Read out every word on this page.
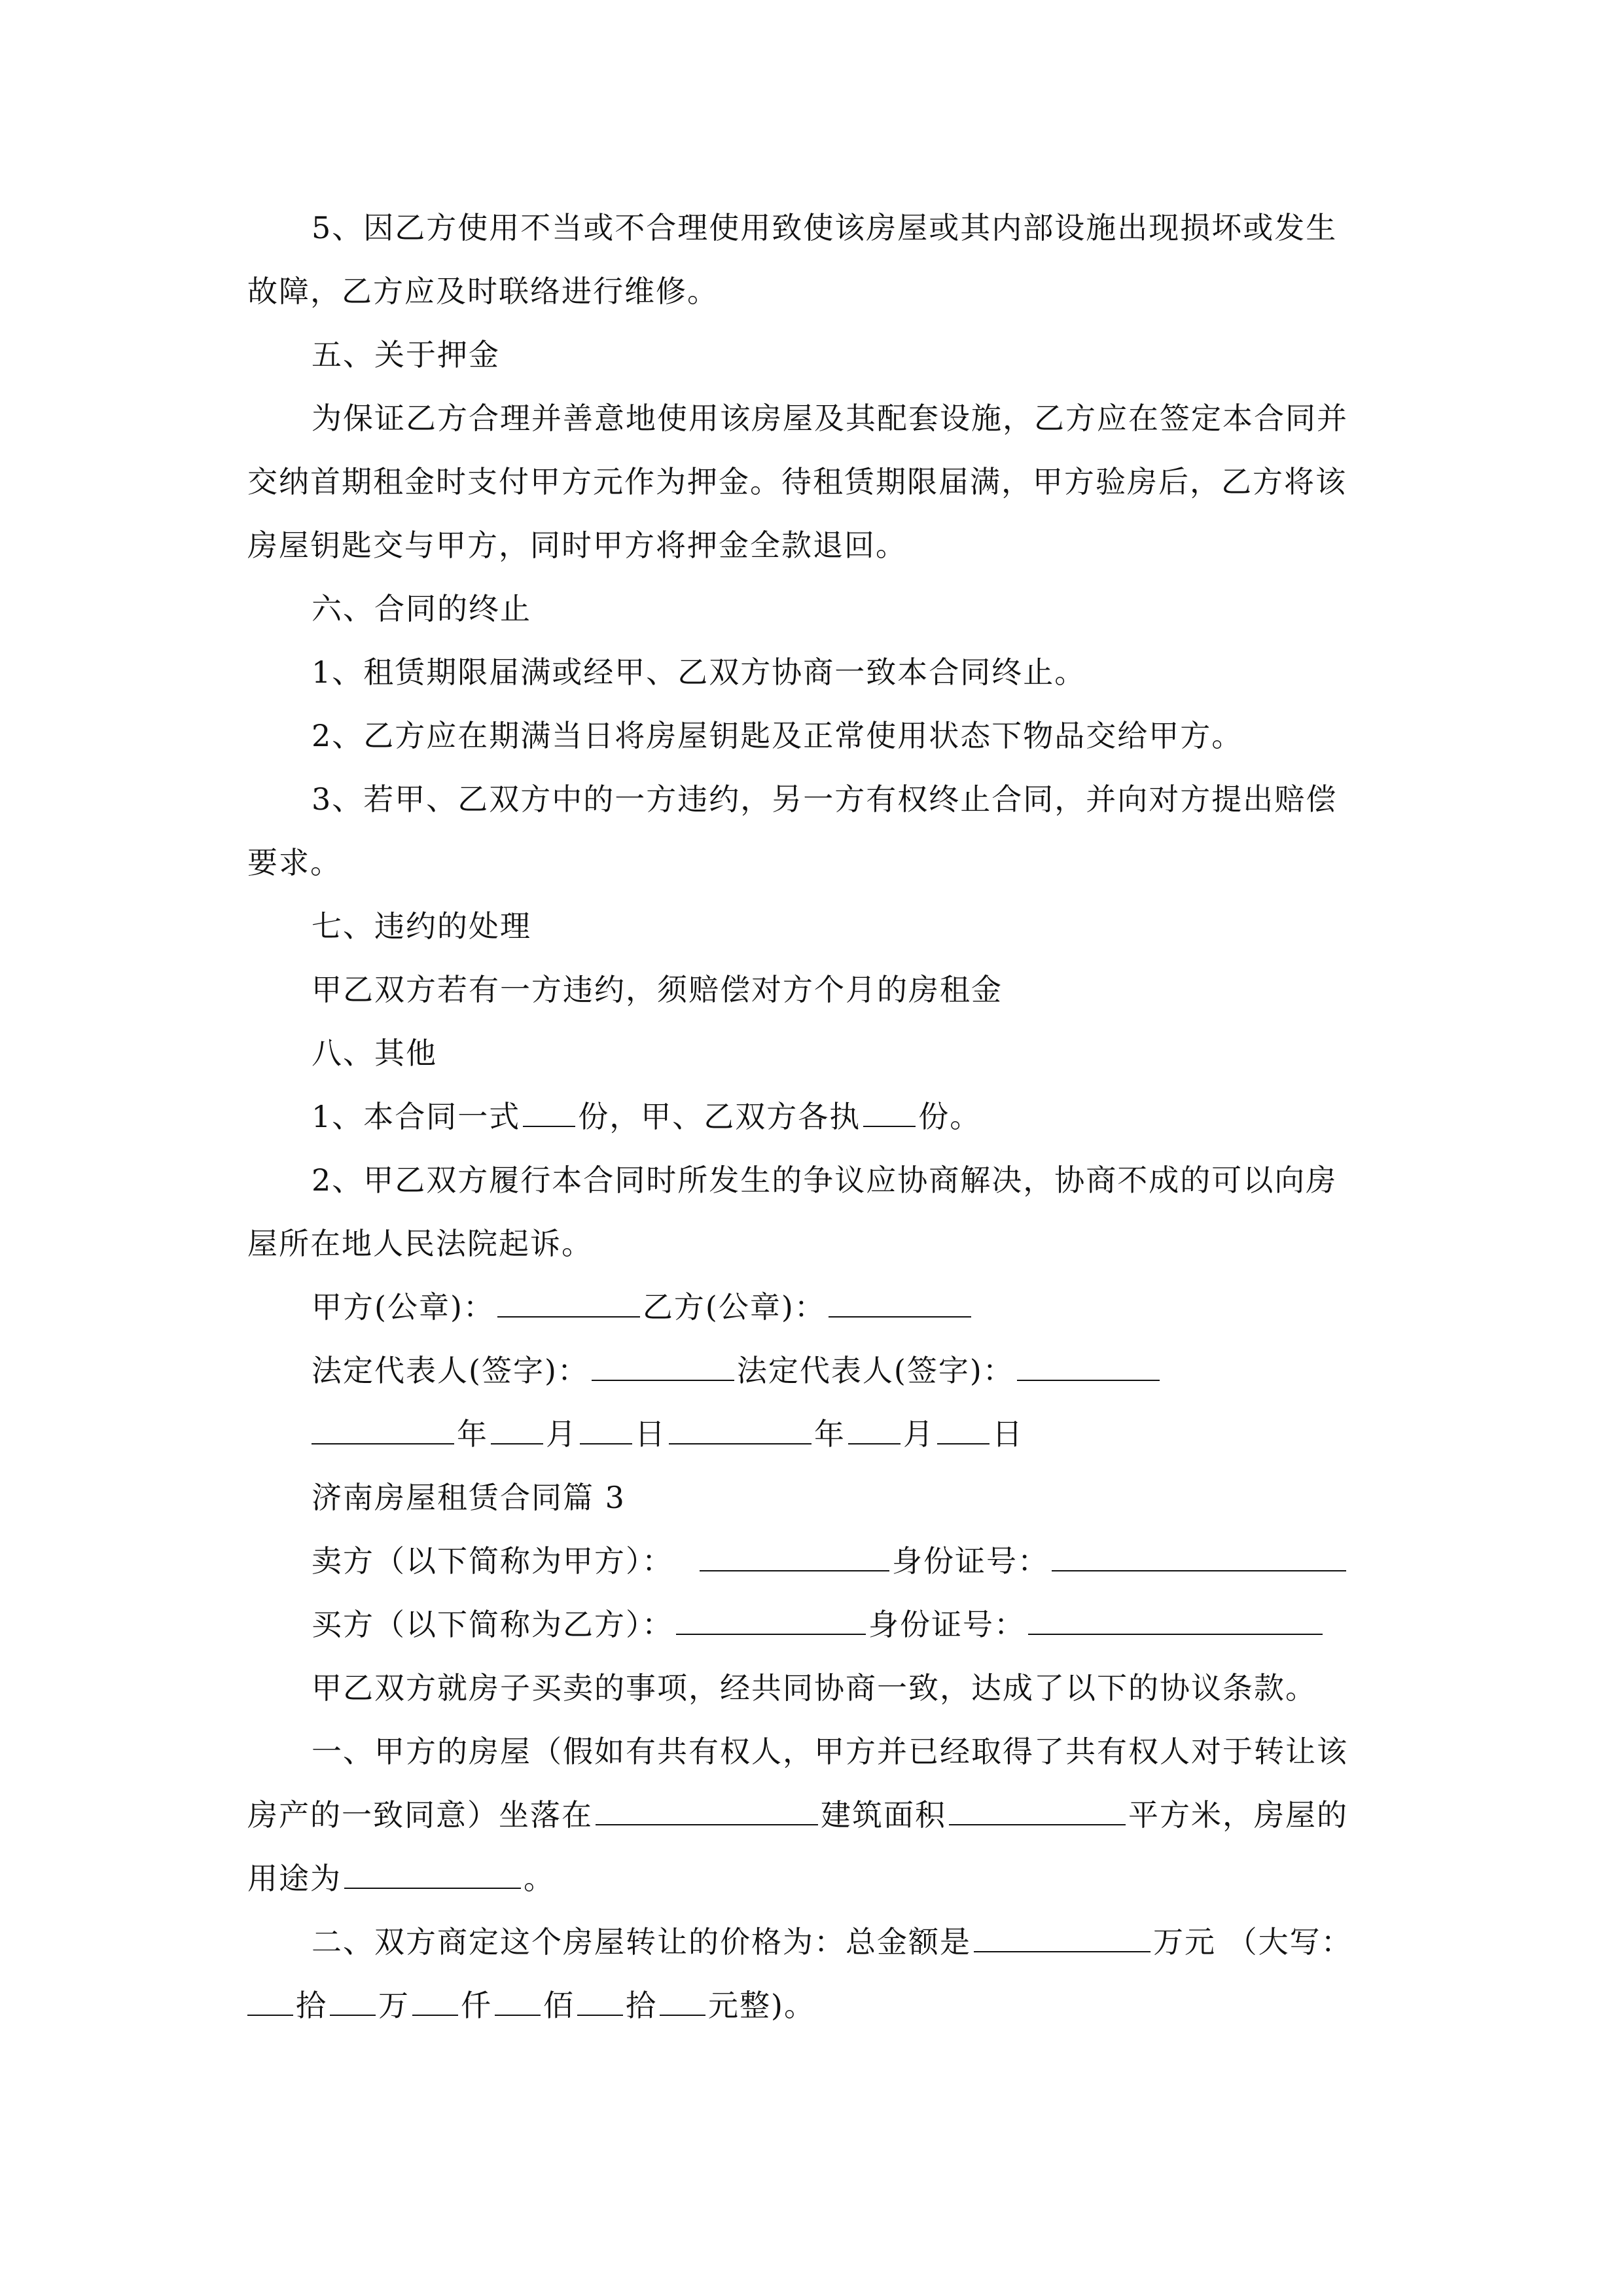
5、因乙方使用不当或不合理使用致使该房屋或其内部设施出现损坏或发生
故障，乙方应及时联络进行维修。
五、关于押金
为保证乙方合理并善意地使用该房屋及其配套设施，乙方应在签定本合同并
交纳首期租金时支付甲方元作为押金。待租赁期限届满，甲方验房后，乙方将该
房屋钥匙交与甲方，同时甲方将押金全款退回。
六、合同的终止
1、租赁期限届满或经甲、乙双方协商一致本合同终止。
2、乙方应在期满当日将房屋钥匙及正常使用状态下物品交给甲方。
3、若甲、乙双方中的一方违约，另一方有权终止合同，并向对方提出赔偿
要求。
七、违约的处理
甲乙双方若有一方违约，须赔偿对方个月的房租金
八、其他
1、本合同一式 份，甲、乙双方各执 份。
2、甲乙双方履行本合同时所发生的争议应协商解决，协商不成的可以向房
屋所在地人民法院起诉。
甲方(公章)：	乙方(公章)：
法定代表人(签字)：	法定代表人(签字)：
年 月 日	年 月 日
济南房屋租赁合同篇 3
卖方（以下简称为甲方）：	身份证号：
买方（以下简称为乙方）：	身份证号：
甲乙双方就房子买卖的事项，经共同协商一致，达成了以下的协议条款。
一、甲方的房屋（假如有共有权人，甲方并已经取得了共有权人对于转让该
房产的一致同意）坐落在	建筑面积	平方米，房屋的
用途为	。
二、双方商定这个房屋转让的价格为：总金额是	万元 （大写：
拾 万 仟 佰 拾 元整)。
